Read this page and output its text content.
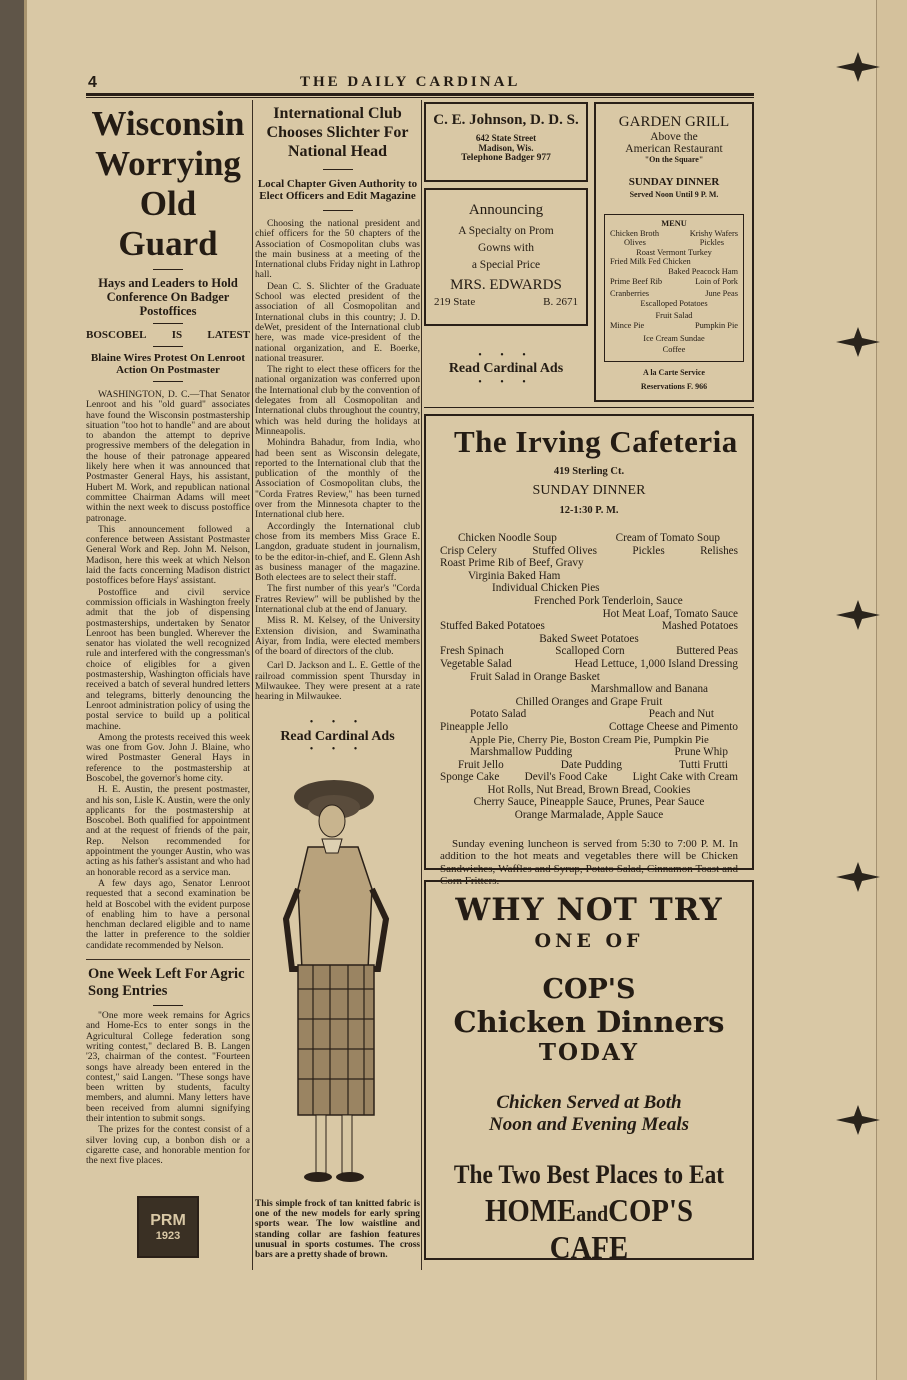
4	THE DAILY CARDINAL
Wisconsin
Worrying
Old Guard
Hays and Leaders to Hold Conference On Badger Postoffices
BOSCOBEL IS LATEST
Blaine Wires Protest On Lenroot Action On Postmaster

WASHINGTON, D. C.—That Senator Lenroot and his "old guard" associates have found the Wisconsin postmastership situation "too hot to handle" and are about to abandon the attempt to deprive progressive members of the delegation in the house of their patronage appeared likely here when it was announced that Postmaster General Hays, his assistant, Hubert M. Work, and republican national committee Chairman Adams will meet within the next week to discuss postoffice patronage.

This announcement followed a conference between Assistant Postmaster General Work and Rep. John M. Nelson, Madison, here this week at which Nelson laid the facts concerning Madison district postoffices before Hays' assistant.

Postoffice and civil service commission officials in Washington freely admit that the job of dispensing postmasterships, undertaken by Senator Lenroot has been bungled. Wherever the senator has violated the well recognized rule and interfered with the congressman's choice of eligibles for a given postmastership, Washington officials have received a batch of several hundred letters and telegrams, bitterly denouncing the Lenroot administration policy of using the postal service to build up a political machine.

Among the protests received this week was one from Gov. John J. Blaine, who wired Postmaster General Hays in reference to the postmastership at Boscobel, the governor's home city.

H. E. Austin, the present postmaster, and his son, Lisle K. Austin, were the only applicants for the postmastership at Boscobel. Both qualified for appointment and at the request of friends of the pair, Rep. Nelson recommended for appointment the younger Austin, who was acting as his father's assistant and who had an honorable record as a service man.

A few days ago, Senator Lenroot requested that a second examination be held at Boscobel with the evident purpose of enabling him to have a personal henchman declared eligible and to name the latter in preference to the soldier candidate recommended by Nelson.

One Week Left For Agric Song Entries

"One more week remains for Agrics and Home-Ecs to enter songs in the Agricultural College federation song writing contest," declared B. B. Langen '23, chairman of the contest. "Fourteen songs have already been entered in the contest," said Langen. "These songs have been written by students, faculty members, and alumni. Many letters have been received from alumni signifying their intention to submit songs.

The prizes for the contest consist of a silver loving cup, a bonbon dish or a cigarette case, and honorable mention for the next five places.

PRM
1923
International Club Chooses Slichter For National Head
Local Chapter Given Authority to Elect Officers and Edit Magazine

Choosing the national president and chief officers for the 50 chapters of the Association of Cosmopolitan clubs was the main business at a meeting of the International clubs Friday night in Lathrop hall.

Dean C. S. Slichter of the Graduate School was elected president of the association of all Cosmopolitan and International clubs in this country; J. D. deWet, president of the International club here, was made vice-president of the national organization, and E. Boerke, national treasurer.

The right to elect these officers for the national organization was conferred upon the International club by the convention of delegates from all Cosmopolitan and International clubs throughout the country, which was held during the holidays at Minneapolis.

Mohindra Bahadur, from India, who had been sent as Wisconsin delegate, reported to the International club that the publication of the monthly of the Association of Cosmopolitan clubs, the "Corda Fratres Review," has been turned over from the Minnesota chapter to the International club here.

Accordingly the International club chose from its members Miss Grace E. Langdon, graduate student in journalism, to be the editor-in-chief, and E. Glenn Ash as business manager of the magazine. Both electees are to select their staff.

The first number of this year's "Corda Fratres Review" will be published by the International club at the end of January.

Miss R. M. Kelsey, of the University Extension division, and Swaminatha Aiyar, from India, were elected members of the board of directors of the club.

Carl D. Jackson and L. E. Gettle of the railroad commission spent Thursday in Milwaukee. They were present at a rate hearing in Milwaukee.

• • •
Read Cardinal Ads
• • •
This simple frock of tan knitted fabric is one of the new models for early spring sports wear. The low waistline and standing collar are fashion features unusual in sports costumes. The cross bars are a pretty shade of brown.
C. E. Johnson, D. D. S.
642 State Street
Madison, Wis.
Telephone Badger 977
Announcing
A Specialty on Prom
Gowns with
a Special Price
MRS. EDWARDS
219 State	B. 2671
• • •
Read Cardinal Ads
• • •
GARDEN GRILL
Above the
American Restaurant
"On the Square"
SUNDAY DINNER
Served Noon Until 9 P. M.
MENU
Chicken Broth	Krishy Wafers
Olives	Pickles
Roast Vermont Turkey
Fried Milk Fed Chicken
Baked Peacock Ham
Prime Beef Rib	Loin of Pork
Cranberries	June Peas
Escalloped Potatoes
Fruit Salad
Mince Pie	Pumpkin Pie
Ice Cream Sundae
Coffee
A la Carte Service
Reservations F. 966
The Irving Cafeteria
419 Sterling Ct.
SUNDAY DINNER
12-1:30 P. M.
Chicken Noodle Soup	Cream of Tomato Soup
Crisp Celery	Stuffed Olives	Pickles	Relishes
Roast Prime Rib of Beef, Gravy
Virginia Baked Ham
Individual Chicken Pies
Frenched Pork Tenderloin, Sauce
Hot Meat Loaf, Tomato Sauce
Stuffed Baked Potatoes	Mashed Potatoes
Baked Sweet Potatoes
Fresh Spinach	Scalloped Corn	Buttered Peas
Vegetable Salad	Head Lettuce, 1,000 Island Dressing
Fruit Salad in Orange Basket
Marshmallow and Banana
Chilled Oranges and Grape Fruit
Potato Salad	Peach and Nut
Pineapple Jello	Cottage Cheese and Pimento
Apple Pie, Cherry Pie, Boston Cream Pie, Pumpkin Pie
Marshmallow Pudding	Prune Whip
Fruit Jello	Date Pudding	Tutti Frutti
Sponge Cake Devil's Food Cake Light Cake with Cream
Hot Rolls, Nut Bread, Brown Bread, Cookies
Cherry Sauce, Pineapple Sauce, Prunes, Pear Sauce
Orange Marmalade, Apple Sauce
Sunday evening luncheon is served from 5:30 to 7:00 P. M. In addition to the hot meats and vegetables there will be Chicken Sandwiches, Waffles and Syrup, Potato Salad, Cinnamon Toast and Corn Fritters.
WHY NOT TRY
ONE OF
COP'S
Chicken Dinners
TODAY
Chicken Served at Both
Noon and Evening Meals
The Two Best Places to Eat
HOMEandCOP'S CAFE
